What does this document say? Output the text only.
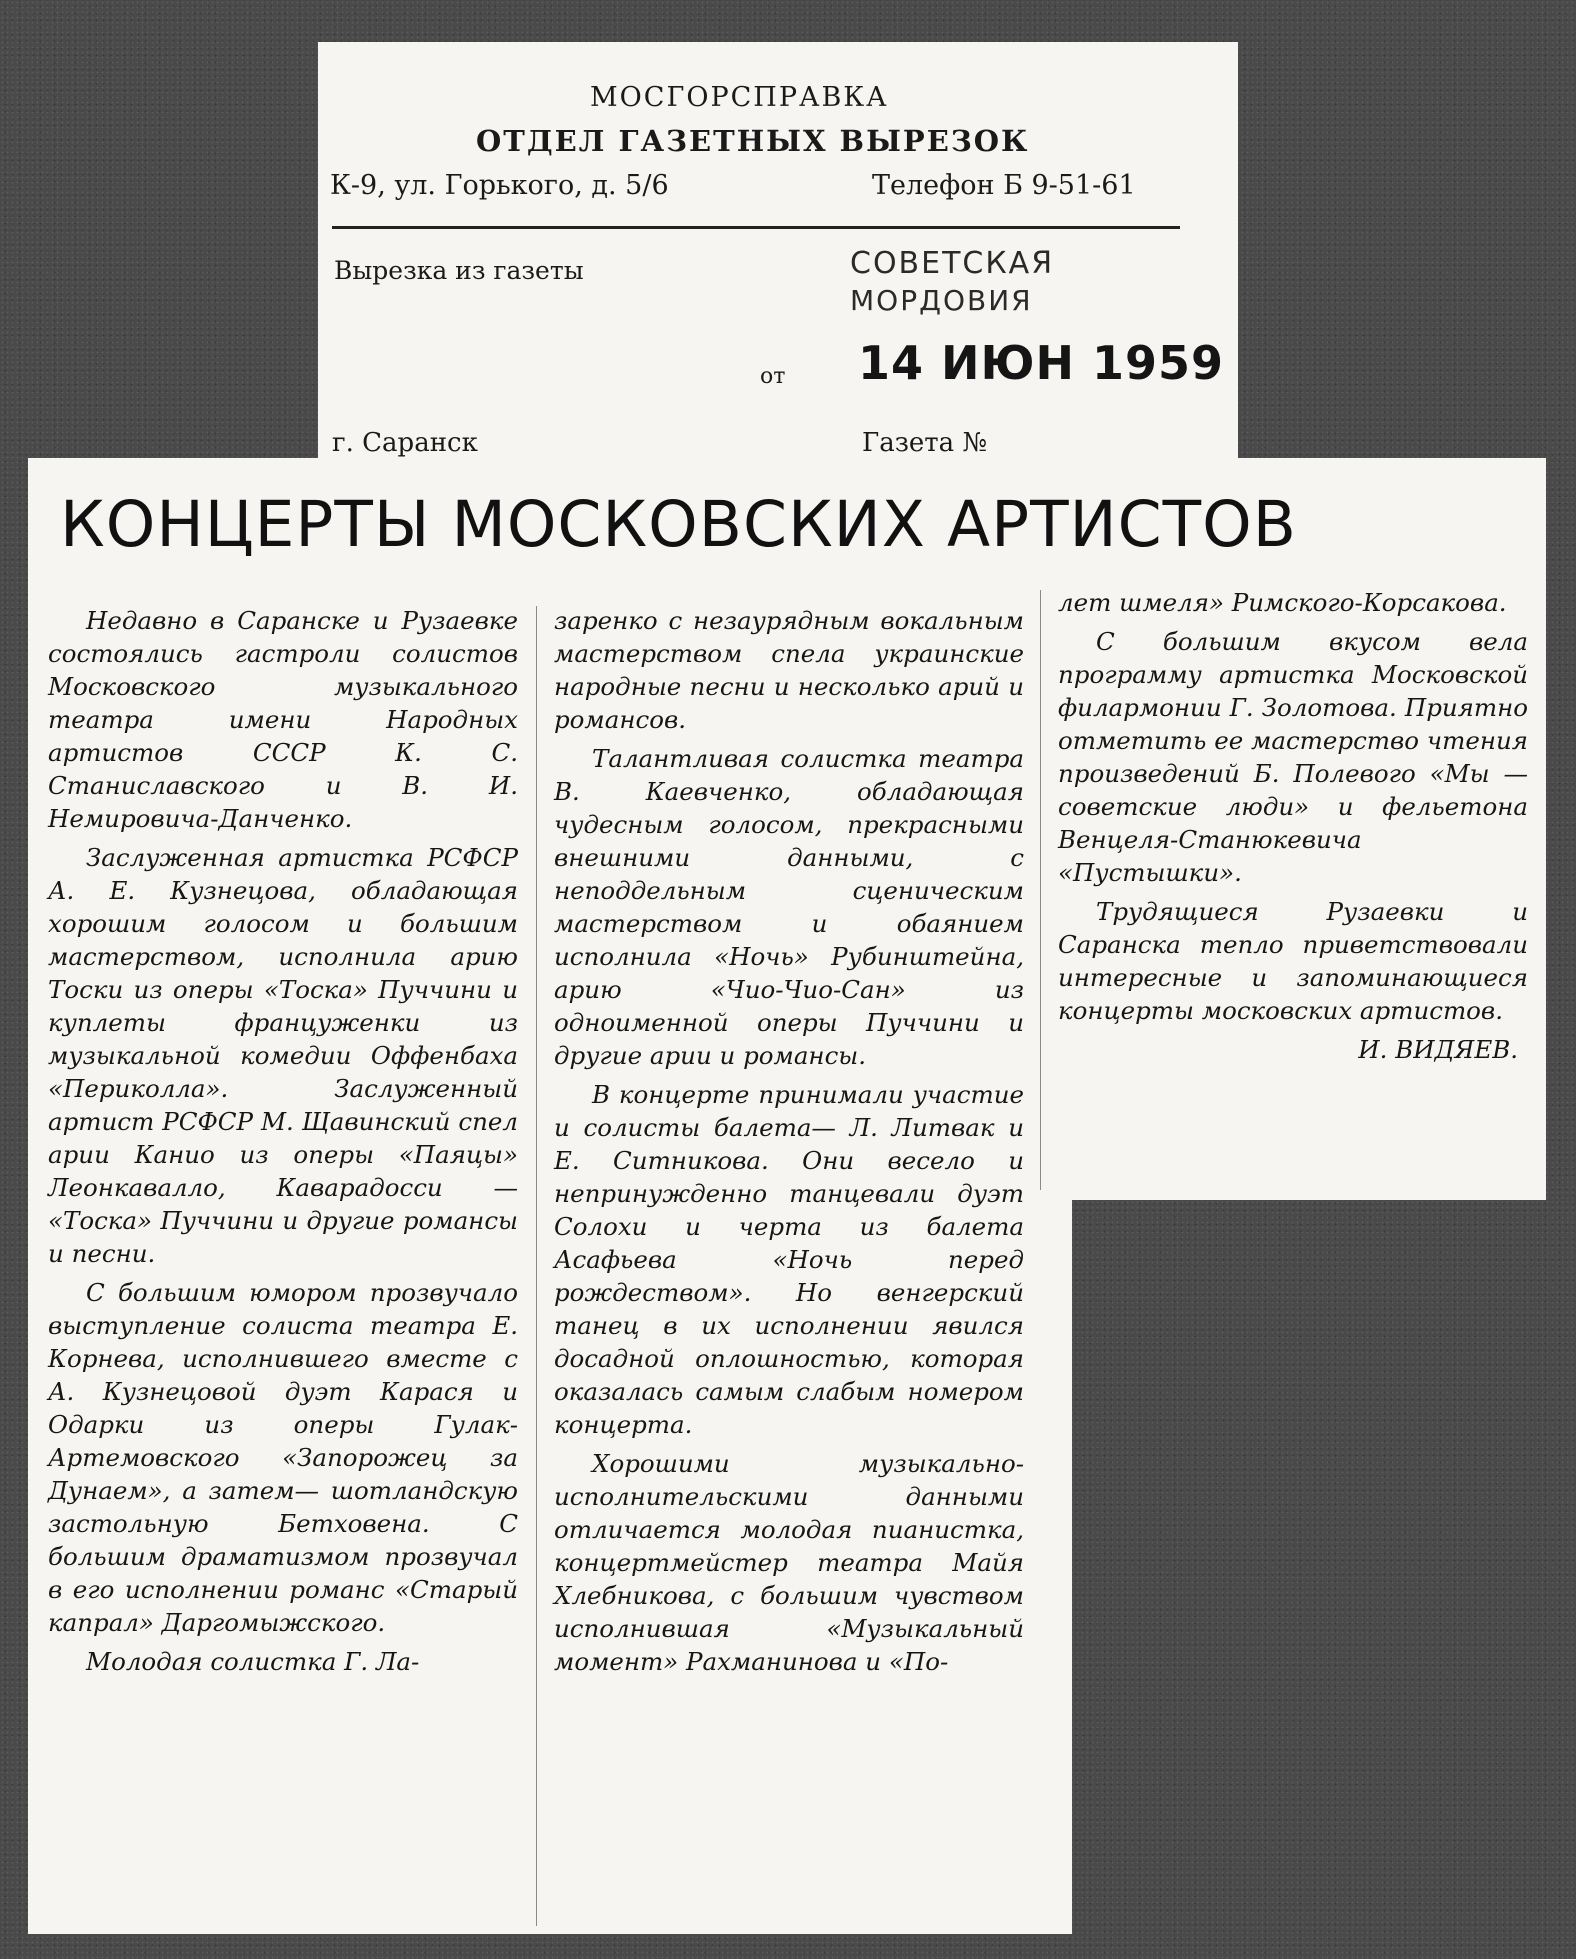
МОСГОРСПРАВКА
ОТДЕЛ ГАЗЕТНЫХ ВЫРЕЗОК
К-9, ул. Горького, д. 5/6	Телефон Б 9-51-61
Вырезка из газеты	СОВЕТСКАЯ
МОРДОВИЯ
от 14 ИЮН 1959
г. Саранск	Газета №
КОНЦЕРТЫ МОСКОВСКИХ АРТИСТОВ

Недавно в Саранске и Рузаевке состоялись гастроли солистов Московского музыкального театра имени Народных артистов СССР К. С. Станиславского и В. И. Немировича-Данченко.

Заслуженная артистка РСФСР А. Е. Кузнецова, обладающая хорошим голосом и большим мастерством, исполнила арию Тоски из оперы «Тоска» Пуччини и куплеты француженки из музыкальной комедии Оффенбаха «Периколла». Заслуженный артист РСФСР М. Щавинский спел арии Канио из оперы «Паяцы» Леонкавалло, Каварадосси — «Тоска» Пуччини и другие романсы и песни.

С большим юмором прозвучало выступление солиста театра Е. Корнева, исполнившего вместе с А. Кузнецовой дуэт Карася и Одарки из оперы Гулак-Артемовского «Запорожец за Дунаем», а затем— шотландскую застольную Бетховена. С большим драматизмом прозвучал в его исполнении романс «Старый капрал» Даргомыжского.

Молодая солистка Г. Ла-

заренко с незаурядным вокальным мастерством спела украинские народные песни и несколько арий и романсов.

Талантливая солистка театра В. Каевченко, обладающая чудесным голосом, прекрасными внешними данными, с неподдельным сценическим мастерством и обаянием исполнила «Ночь» Рубинштейна, арию «Чио-Чио-Сан» из одноименной оперы Пуччини и другие арии и романсы.

В концерте принимали участие и солисты балета— Л. Литвак и Е. Ситникова. Они весело и непринужденно танцевали дуэт Солохи и черта из балета Асафьева «Ночь перед рождеством». Но венгерский танец в их исполнении явился досадной оплошностью, которая оказалась самым слабым номером концерта.

Хорошими музыкально-исполнительскими данными отличается молодая пианистка, концертмейстер театра Майя Хлебникова, с большим чувством исполнившая «Музыкальный момент» Рахманинова и «По-

лет шмеля» Римского-Корсакова.

С большим вкусом вела программу артистка Московской филармонии Г. Золотова. Приятно отметить ее мастерство чтения произведений Б. Полевого «Мы — советские люди» и фельетона Венцеля-Станюкевича «Пустышки».

Трудящиеся Рузаевки и Саранска тепло приветствовали интересные и запоминающиеся концерты московских артистов.

И. ВИДЯЕВ.
